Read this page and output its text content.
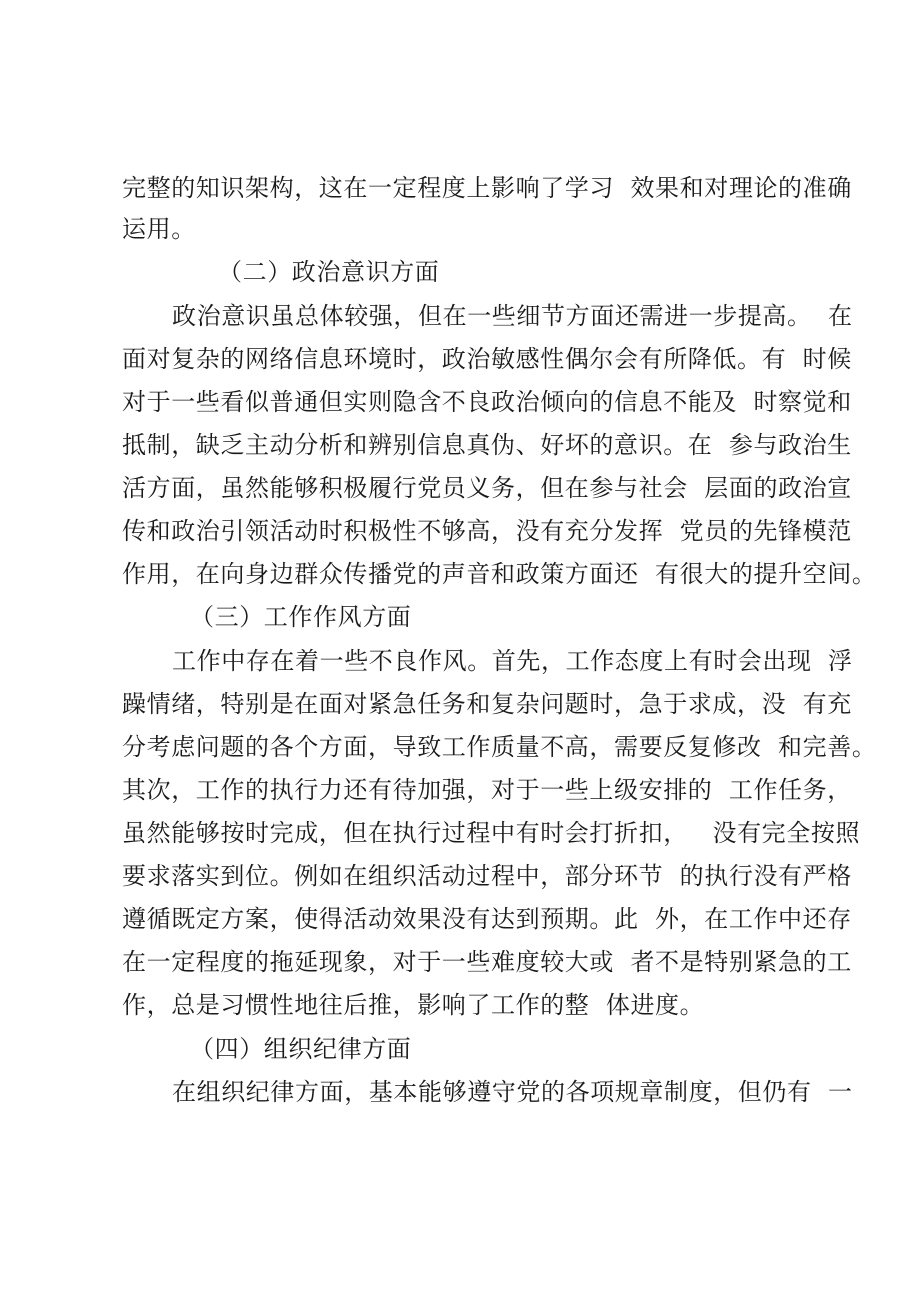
完整的知识架构，这在一定程度上影响了学习  效果和对理论的准确
运用。
（二）政治意识方面
政治意识虽总体较强，但在一些细节方面还需进一步提高。  在
面对复杂的网络信息环境时，政治敏感性偶尔会有所降低。有  时候
对于一些看似普通但实则隐含不良政治倾向的信息不能及  时察觉和
抵制，缺乏主动分析和辨别信息真伪、好坏的意识。在  参与政治生
活方面，虽然能够积极履行党员义务，但在参与社会  层面的政治宣
传和政治引领活动时积极性不够高，没有充分发挥  党员的先锋模范
作用，在向身边群众传播党的声音和政策方面还  有很大的提升空间。
（三）工作作风方面
工作中存在着一些不良作风。首先，工作态度上有时会出现  浮
躁情绪，特别是在面对紧急任务和复杂问题时，急于求成，没  有充
分考虑问题的各个方面，导致工作质量不高，需要反复修改  和完善。
其次，工作的执行力还有待加强，对于一些上级安排的  工作任务，
虽然能够按时完成，但在执行过程中有时会打折扣，   没有完全按照
要求落实到位。例如在组织活动过程中，部分环节  的执行没有严格
遵循既定方案，使得活动效果没有达到预期。此  外，在工作中还存
在一定程度的拖延现象，对于一些难度较大或  者不是特别紧急的工
作，总是习惯性地往后推，影响了工作的整  体进度。
（四）组织纪律方面
在组织纪律方面，基本能够遵守党的各项规章制度，但仍有  一
